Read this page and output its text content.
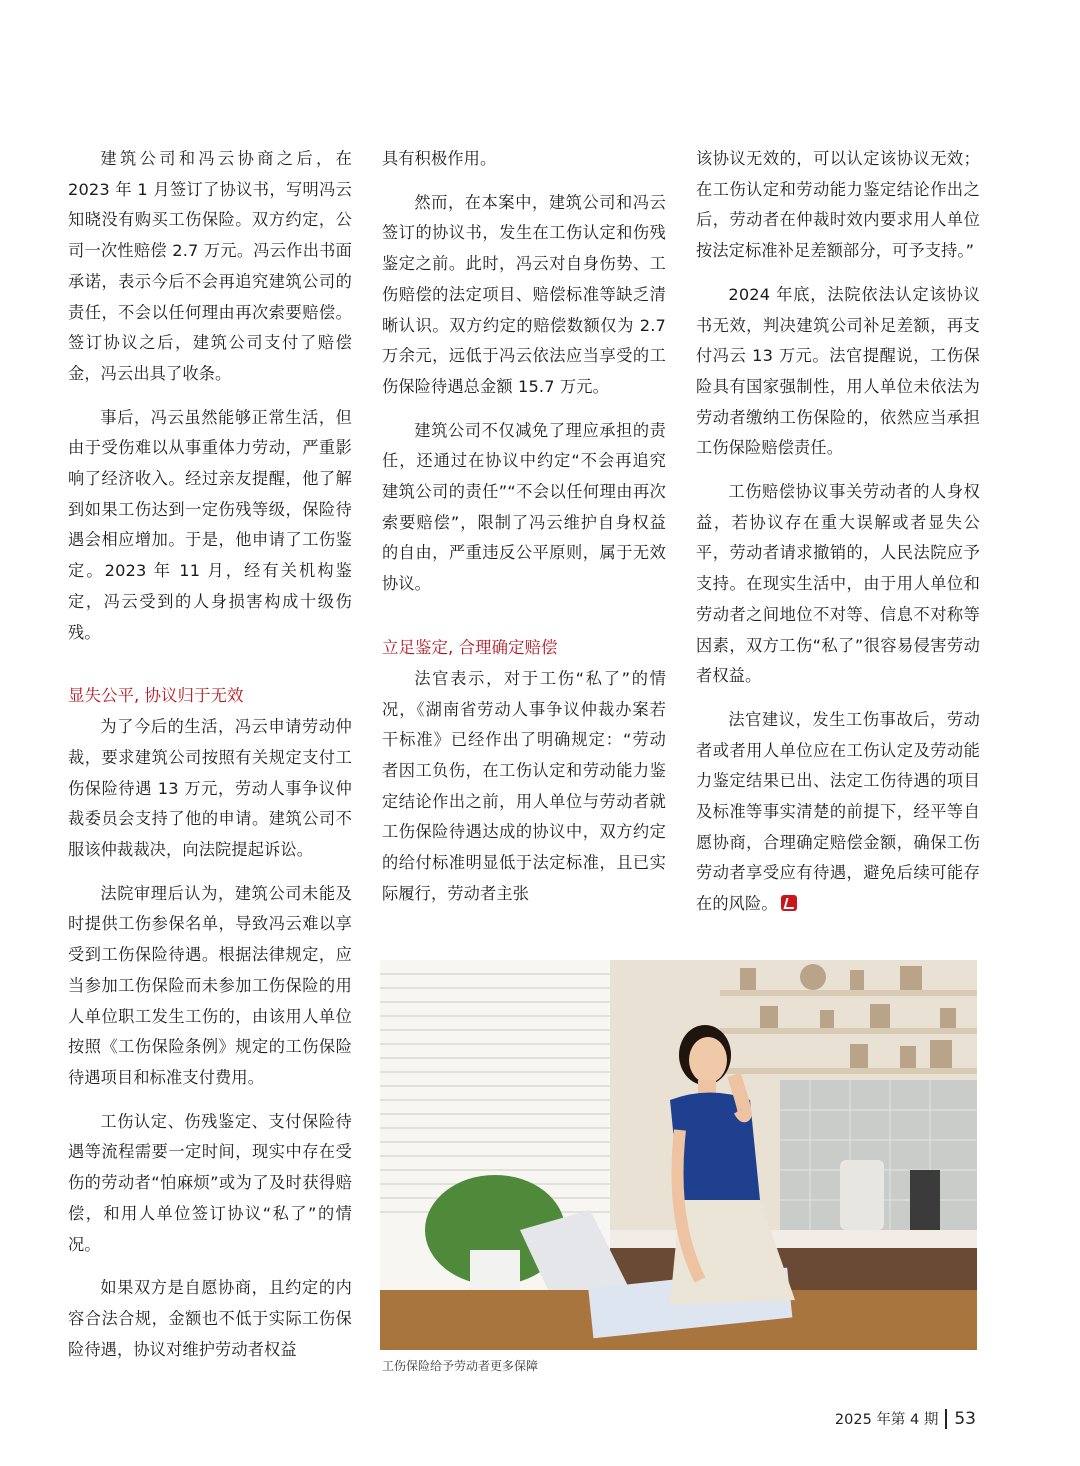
建筑公司和冯云协商之后，在2023 年 1 月签订了协议书，写明冯云知晓没有购买工伤保险。双方约定，公司一次性赔偿 2.7 万元。冯云作出书面承诺，表示今后不会再追究建筑公司的责任，不会以任何理由再次索要赔偿。签订协议之后，建筑公司支付了赔偿金，冯云出具了收条。

事后，冯云虽然能够正常生活，但由于受伤难以从事重体力劳动，严重影响了经济收入。经过亲友提醒，他了解到如果工伤达到一定伤残等级，保险待遇会相应增加。于是，他申请了工伤鉴定。2023 年 11 月，经有关机构鉴定，冯云受到的人身损害构成十级伤残。

显失公平, 协议归于无效

为了今后的生活，冯云申请劳动仲裁，要求建筑公司按照有关规定支付工伤保险待遇 13 万元，劳动人事争议仲裁委员会支持了他的申请。建筑公司不服该仲裁裁决，向法院提起诉讼。

法院审理后认为，建筑公司未能及时提供工伤参保名单，导致冯云难以享受到工伤保险待遇。根据法律规定，应当参加工伤保险而未参加工伤保险的用人单位职工发生工伤的，由该用人单位按照《工伤保险条例》规定的工伤保险待遇项目和标准支付费用。

工伤认定、伤残鉴定、支付保险待遇等流程需要一定时间，现实中存在受伤的劳动者“怕麻烦”或为了及时获得赔偿，和用人单位签订协议“私了”的情况。

如果双方是自愿协商，且约定的内容合法合规，金额也不低于实际工伤保险待遇，协议对维护劳动者权益

具有积极作用。

然而，在本案中，建筑公司和冯云签订的协议书，发生在工伤认定和伤残鉴定之前。此时，冯云对自身伤势、工伤赔偿的法定项目、赔偿标准等缺乏清晰认识。双方约定的赔偿数额仅为 2.7 万余元，远低于冯云依法应当享受的工伤保险待遇总金额 15.7 万元。

建筑公司不仅减免了理应承担的责任，还通过在协议中约定“不会再追究建筑公司的责任”“不会以任何理由再次索要赔偿”，限制了冯云维护自身权益的自由，严重违反公平原则，属于无效协议。

立足鉴定, 合理确定赔偿

法官表示，对于工伤“私了”的情况，《湖南省劳动人事争议仲裁办案若干标准》已经作出了明确规定：“劳动者因工负伤，在工伤认定和劳动能力鉴定结论作出之前，用人单位与劳动者就工伤保险待遇达成的协议中，双方约定的给付标准明显低于法定标准，且已实际履行，劳动者主张

该协议无效的，可以认定该协议无效；在工伤认定和劳动能力鉴定结论作出之后，劳动者在仲裁时效内要求用人单位按法定标准补足差额部分，可予支持。”

2024 年底，法院依法认定该协议书无效，判决建筑公司补足差额，再支付冯云 13 万元。法官提醒说，工伤保险具有国家强制性，用人单位未依法为劳动者缴纳工伤保险的，依然应当承担工伤保险赔偿责任。

工伤赔偿协议事关劳动者的人身权益，若协议存在重大误解或者显失公平，劳动者请求撤销的，人民法院应予支持。在现实生活中，由于用人单位和劳动者之间地位不对等、信息不对称等因素，双方工伤“私了”很容易侵害劳动者权益。

法官建议，发生工伤事故后，劳动者或者用人单位应在工伤认定及劳动能力鉴定结果已出、法定工伤待遇的项目及标准等事实清楚的前提下，经平等自愿协商，合理确定赔偿金额，确保工伤劳动者享受应有待遇，避免后续可能存在的风险。

工伤保险给予劳动者更多保障
2025 年第 4 期 53
